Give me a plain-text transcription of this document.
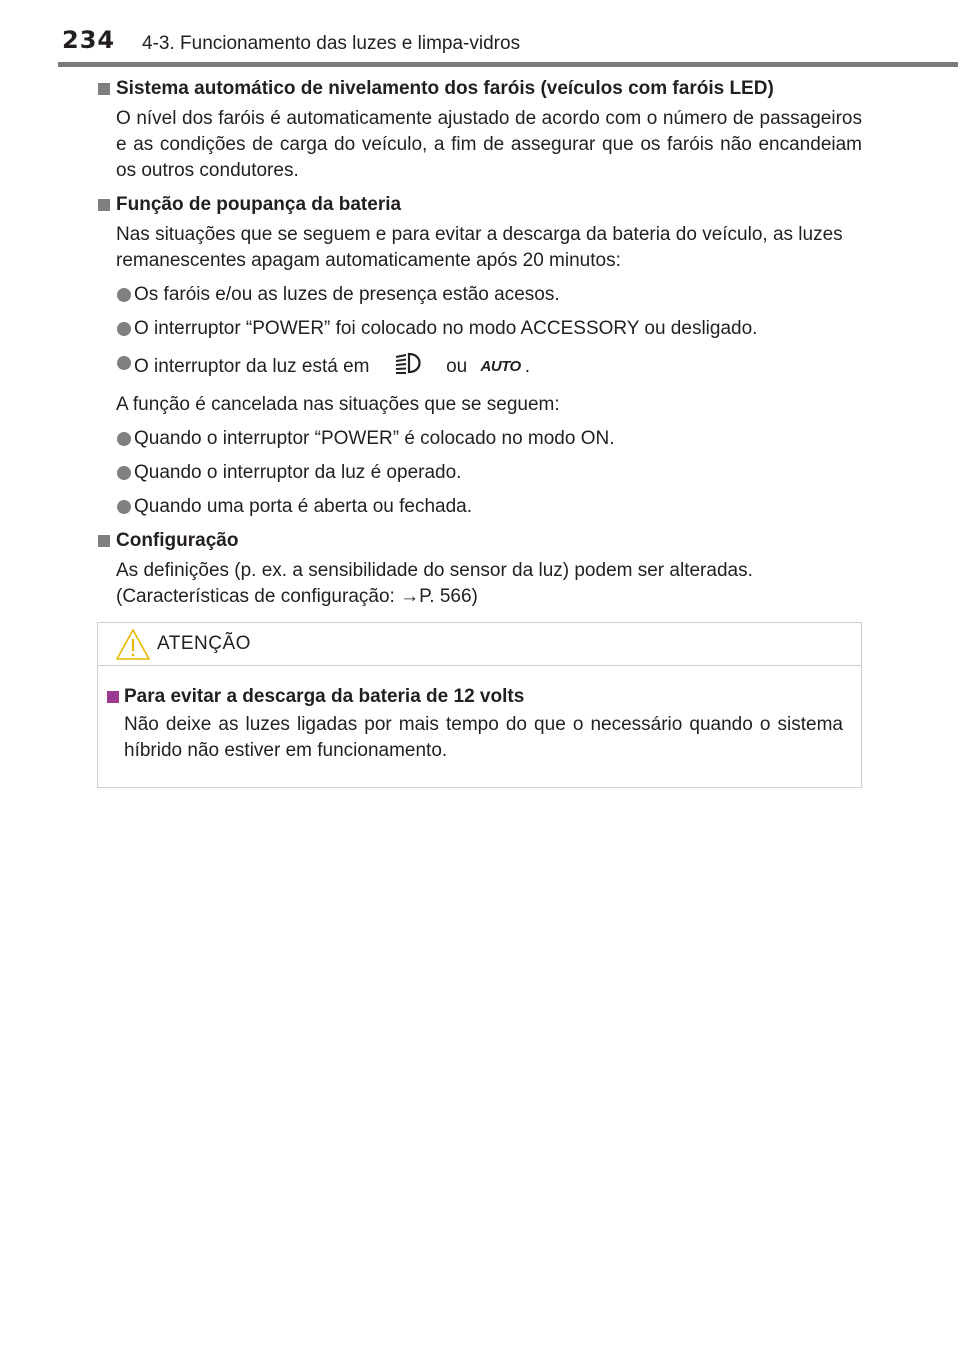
234 4-3. Funcionamento das luzes e limpa-vidros
Sistema automático de nivelamento dos faróis (veículos com faróis LED)
O nível dos faróis é automaticamente ajustado de acordo com o número de passageiros e as condições de carga do veículo, a fim de assegurar que os faróis não encandeiam os outros condutores.
Função de poupança da bateria
Nas situações que se seguem e para evitar a descarga da bateria do veículo, as luzes remanescentes apagam automaticamente após 20 minutos:
Os faróis e/ou as luzes de presença estão acesos.
O interruptor “POWER” foi colocado no modo ACCESSORY ou desligado.
O interruptor da luz está em	ou AUTO .
A função é cancelada nas situações que se seguem:
Quando o interruptor “POWER” é colocado no modo ON.
Quando o interruptor da luz é operado.
Quando uma porta é aberta ou fechada.
Configuração
As definições (p. ex. a sensibilidade do sensor da luz) podem ser alteradas.
(Características de configuração: →P. 566)
ATENÇÃO
Para evitar a descarga da bateria de 12 volts
Não deixe as luzes ligadas por mais tempo do que o necessário quando o sistema híbrido não estiver em funcionamento.
